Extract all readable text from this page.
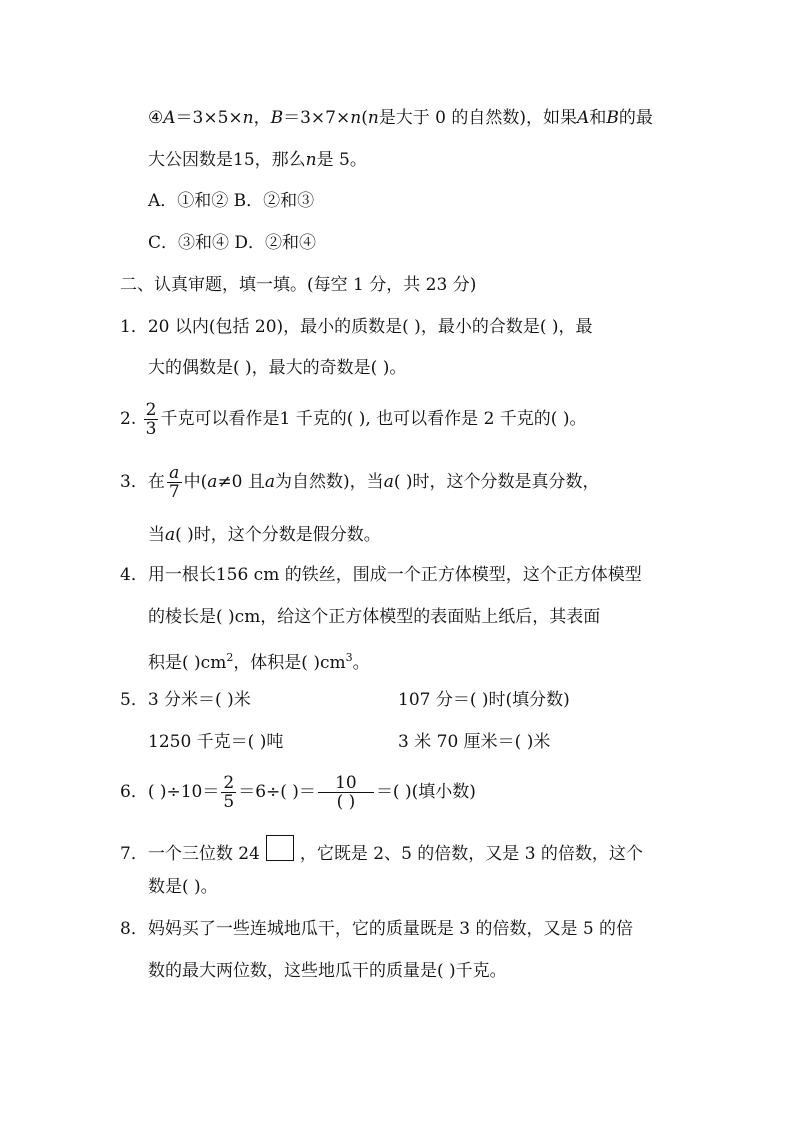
④A＝3×5×n，B＝3×7×n(n是大于 0 的自然数)，如果A和B的最
大公因数是15，那么n是 5。
A．①和② B．②和③
C．③和④ D．②和④
二、认真审题，填一填。(每空 1 分，共 23 分)
1．20 以内(包括 20)，最小的质数是( )，最小的合数是( )，最
大的偶数是( )，最大的奇数是( )。
2. $\frac{2}{3}$ 千克可以看作是1 千克的( ), 也可以看作是 2 千克的( )。
3．在 $\frac{a}{7}$ 中(a≠0 且a为自然数)，当a( )时，这个分数是真分数，
当a( )时，这个分数是假分数。
4．用一根长156 cm 的铁丝，围成一个正方体模型，这个正方体模型
的棱长是( )cm，给这个正方体模型的表面贴上纸后，其表面
积是( )$cm^2$，体积是( )$cm^3$。
5．3 分米＝( )米	107 分＝( )时(填分数)
1250 千克＝( )吨	3 米 70 厘米＝( )米
6．( )$\div 10= \frac{2}{5} =6\div$( )＝ $\frac{10}{( )}$ ＝( )(填小数)
7．一个三位数 24 ，它既是 2、5 的倍数，又是 3 的倍数，这个
数是( )。
8．妈妈买了一些连城地瓜干，它的质量既是 3 的倍数，又是 5 的倍
数的最大两位数，这些地瓜干的质量是( )千克。
